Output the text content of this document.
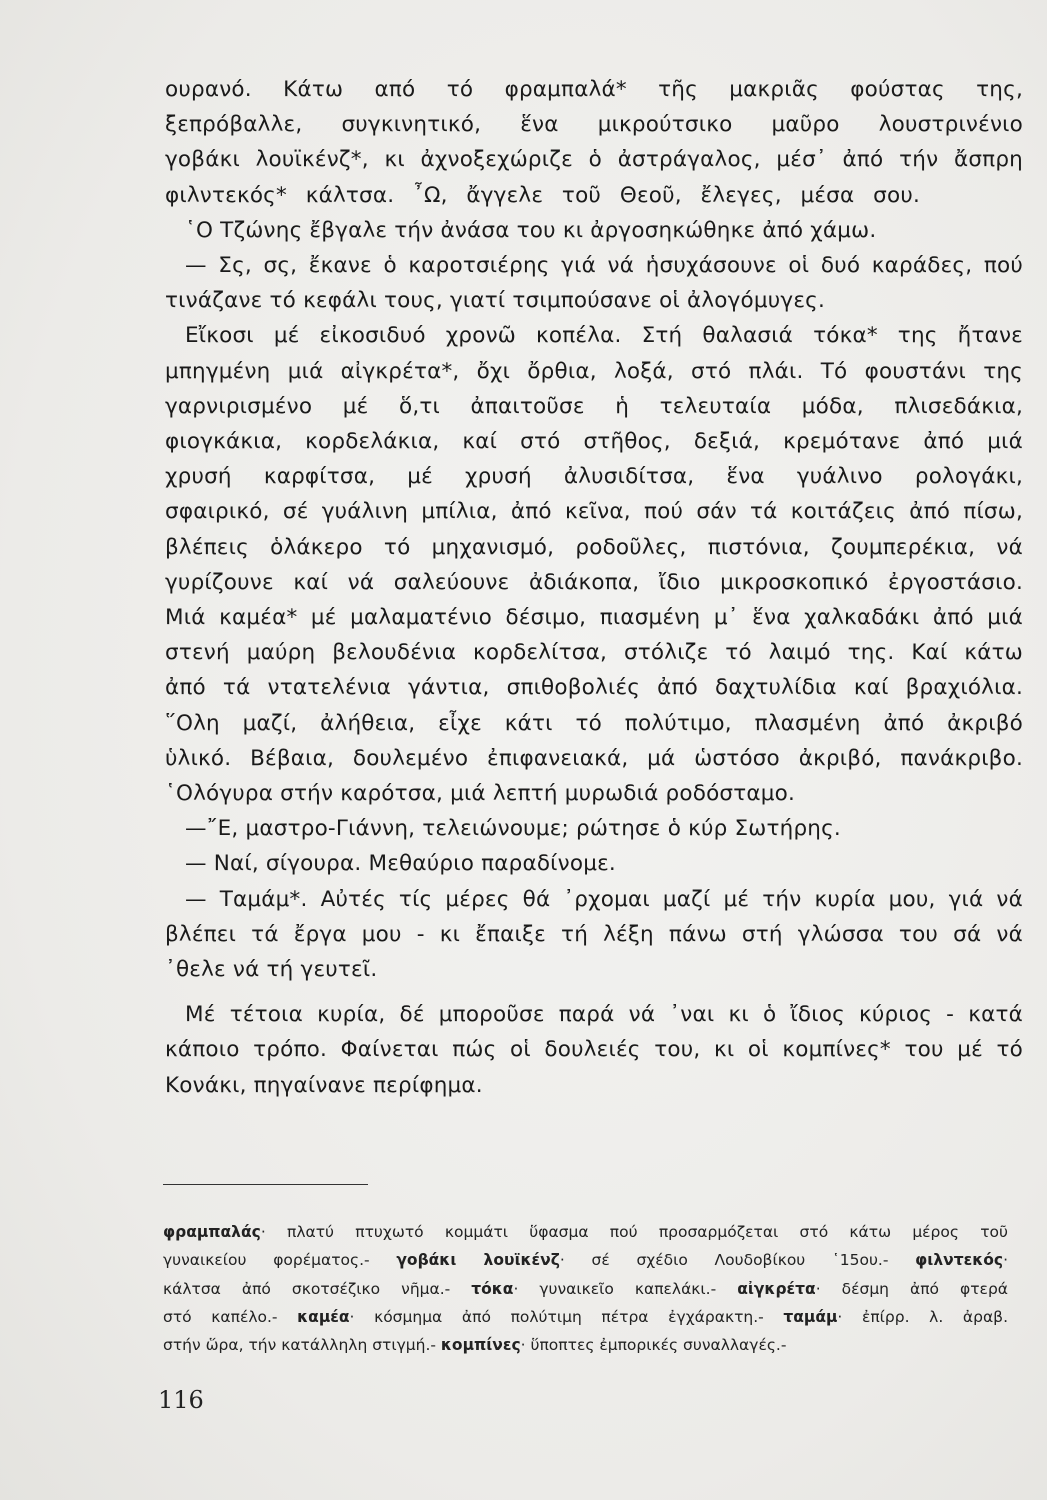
ουρανό. Κάτω από τό φραμπαλά* τῆς μακριᾶς φούστας της,
ξεπρόβαλλε, συγκινητικό, ἕνα μικρούτσικο μαῦρο λουστρινένιο
γοβάκι λουϊκένζ*, κι ἀχνοξεχώριζε ὁ ἀστράγαλος, μέσ᾽ ἀπό τήν ἄσπρη
φιλντεκός* κάλτσα. ῏Ω, ἄγγελε τοῦ Θεοῦ, ἔλεγες, μέσα σου.
῾Ο Τζώνης ἔβγαλε τήν ἀνάσα του κι ἀργοσηκώθηκε ἀπό χάμω.
— Σς, σς, ἔκανε ὁ καροτσιέρης γιά νά ἡσυχάσουνε οἱ δυό καράδες, πού
τινάζανε τό κεφάλι τους, γιατί τσιμπούσανε οἱ ἀλογόμυγες.
Εἴκοσι μέ εἰκοσιδυό χρονῶ κοπέλα. Στή θαλασιά τόκα* της ἤτανε
μπηγμένη μιά αἰγκρέτα*, ὄχι ὄρθια, λοξά, στό πλάι. Τό φουστάνι της
γαρνιρισμένο μέ ὅ,τι ἀπαιτοῦσε ἡ τελευταία μόδα, πλισεδάκια,
φιογκάκια, κορδελάκια, καί στό στῆθος, δεξιά, κρεμότανε ἀπό μιά
χρυσή καρφίτσα, μέ χρυσή ἀλυσιδίτσα, ἕνα γυάλινο ρολογάκι,
σφαιρικό, σέ γυάλινη μπίλια, ἀπό κεῖνα, πού σάν τά κοιτάζεις ἀπό πίσω,
βλέπεις ὁλάκερο τό μηχανισμό, ροδοῦλες, πιστόνια, ζουμπερέκια, νά
γυρίζουνε καί νά σαλεύουνε ἀδιάκοπα, ἴδιο μικροσκοπικό ἐργοστάσιο.
Μιά καμέα* μέ μαλαματένιο δέσιμο, πιασμένη μ᾽ ἕνα χαλκαδάκι ἀπό μιά
στενή μαύρη βελουδένια κορδελίτσα, στόλιζε τό λαιμό της. Καί κάτω
ἀπό τά ντατελένια γάντια, σπιθοβολιές ἀπό δαχτυλίδια καί βραχιόλια.
῞Ολη μαζί, ἀλήθεια, εἶχε κάτι τό πολύτιμο, πλασμένη ἀπό ἀκριβό
ὑλικό. Βέβαια, δουλεμένο ἐπιφανειακά, μά ὡστόσο ἀκριβό, πανάκριβο.
῾Ολόγυρα στήν καρότσα, μιά λεπτή μυρωδιά ροδόσταμο.
—῎Ε, μαστρο-Γιάννη, τελειώνουμε; ρώτησε ὁ κύρ Σωτήρης.
— Ναί, σίγουρα. Μεθαύριο παραδίνομε.
— Ταμάμ*. Αὐτές τίς μέρες θά ᾽ρχομαι μαζί μέ τήν κυρία μου, γιά νά
βλέπει τά ἔργα μου - κι ἔπαιξε τή λέξη πάνω στή γλώσσα του σά νά
᾽θελε νά τή γευτεῖ.
Μέ τέτοια κυρία, δέ μποροῦσε παρά νά ᾽ναι κι ὁ ἴδιος κύριος - κατά
κάποιο τρόπο. Φαίνεται πώς οἱ δουλειές του, κι οἱ κομπίνες* του μέ τό
Κονάκι, πηγαίνανε περίφημα.
φραμπαλάς· πλατύ πτυχωτό κομμάτι ὕφασμα πού προσαρμόζεται στό κάτω μέρος τοῦ
γυναικείου φορέματος.- γοβάκι λουϊκένζ· σέ σχέδιο Λουδοβίκου ῾15ου.- φιλντεκός·
κάλτσα ἀπό σκοτσέζικο νῆμα.- τόκα· γυναικεῖο καπελάκι.- αἰγκρέτα· δέσμη ἀπό φτερά
στό καπέλο.- καμέα· κόσμημα ἀπό πολύτιμη πέτρα ἐγχάρακτη.- ταμάμ· ἐπίρρ. λ. ἀραβ.
στήν ὥρα, τήν κατάλληλη στιγμή.- κομπίνες· ὕποπτες ἐμπορικές συναλλαγές.-
116
